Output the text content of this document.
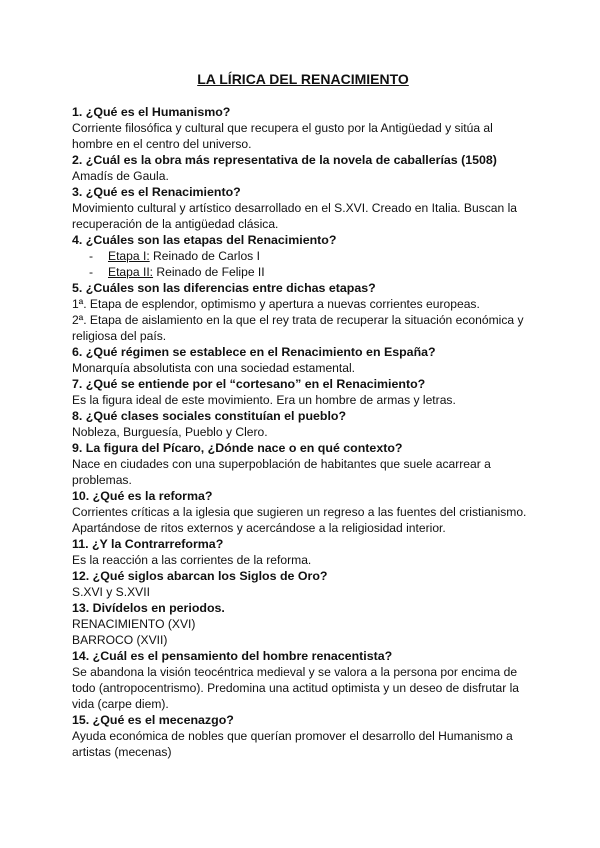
LA LÍRICA DEL RENACIMIENTO

1. ¿Qué es el Humanismo?

Corriente filosófica y cultural que recupera el gusto por la Antigüedad y sitúa al hombre en el centro del universo.

2. ¿Cuál es la obra más representativa de la novela de caballerías (1508)

Amadís de Gaula.

3. ¿Qué es el Renacimiento?

Movimiento cultural y artístico desarrollado en el S.XVI. Creado en Italia. Buscan la recuperación de la antigüedad clásica.

4. ¿Cuáles son las etapas del Renacimiento?

-	Etapa I: Reinado de Carlos I
-	Etapa II: Reinado de Felipe II

5. ¿Cuáles son las diferencias entre dichas etapas?

1ª. Etapa de esplendor, optimismo y apertura a nuevas corrientes europeas.

2ª. Etapa de aislamiento en la que el rey trata de recuperar la situación económica y religiosa del país.

6. ¿Qué régimen se establece en el Renacimiento en España?

Monarquía absolutista con una sociedad estamental.

7. ¿Qué se entiende por el “cortesano” en el Renacimiento?

Es la figura ideal de este movimiento. Era un hombre de armas y letras.

8. ¿Qué clases sociales constituían el pueblo?

Nobleza, Burguesía, Pueblo y Clero.

9. La figura del Pícaro, ¿Dónde nace o en qué contexto?

Nace en ciudades con una superpoblación de habitantes que suele acarrear a problemas.

10. ¿Qué es la reforma?

Corrientes críticas a la iglesia que sugieren un regreso a las fuentes del cristianismo. Apartándose de ritos externos y acercándose a la religiosidad interior.

11. ¿Y la Contrarreforma?

Es la reacción a las corrientes de la reforma.

12. ¿Qué siglos abarcan los Siglos de Oro?

S.XVI y S.XVII

13. Divídelos en periodos.

RENACIMIENTO (XVI)

BARROCO (XVII)

14. ¿Cuál es el pensamiento del hombre renacentista?

Se abandona la visión teocéntrica medieval y se valora a la persona por encima de todo (antropocentrismo). Predomina una actitud optimista y un deseo de disfrutar la vida (carpe diem).

15. ¿Qué es el mecenazgo?

Ayuda económica de nobles que querían promover el desarrollo del Humanismo a artistas (mecenas)
